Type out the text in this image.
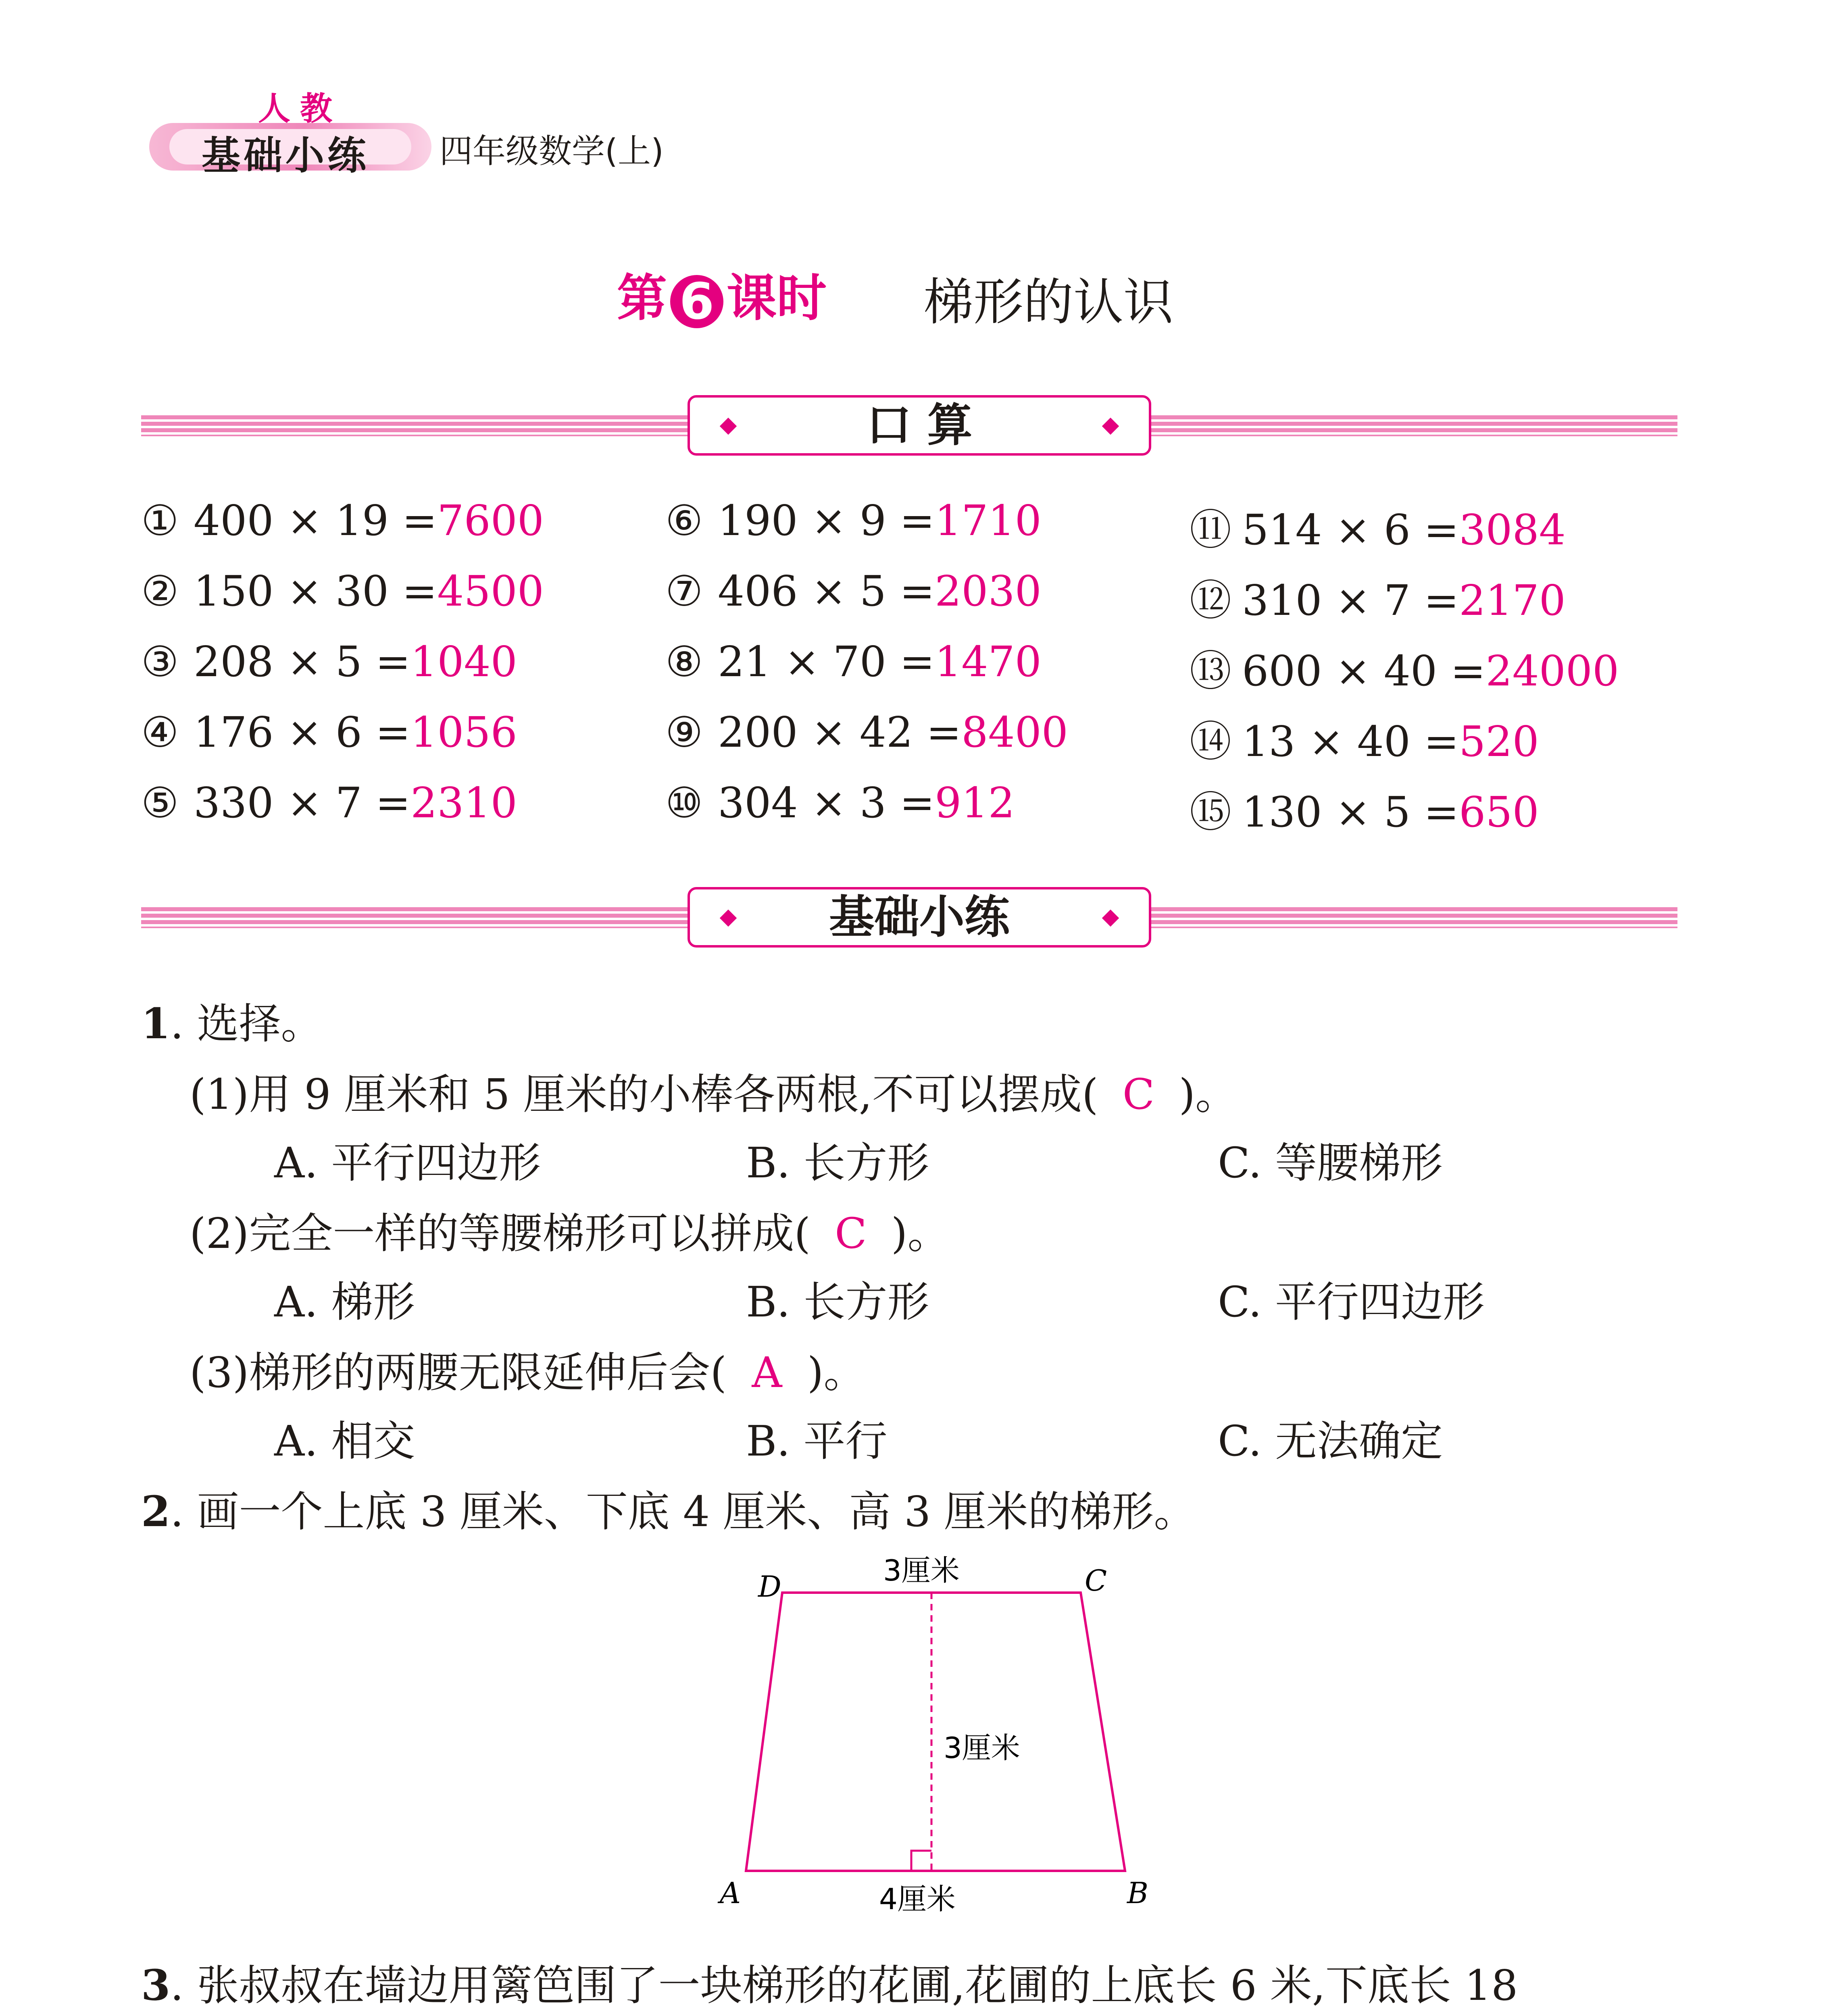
人教
基础小练 四年级数学(上)
第 6 课时 梯形的认识
口 算
① 400 × 19 =7600
② 150 × 30 =4500
③ 208 × 5 =1040
④ 176 × 6 =1056
⑤ 330 × 7 =2310
⑥ 190 × 9 =1710
⑦ 406 × 5 =2030
⑧ 21 × 70 =1470
⑨ 200 × 42 =8400
⑩ 304 × 3 =912
⑪ 514 × 6 =3084
⑫ 310 × 7 =2170
⑬ 600 × 40 =24000
⑭ 13 × 40 =520
⑮ 130 × 5 =650
基础小练
1. 选择。
(1)用 9 厘米和 5 厘米的小棒各两根,不可以摆成( C )。
A. 平行四边形	B. 长方形	C. 等腰梯形
(2)完全一样的等腰梯形可以拼成( C )。
A. 梯形	B. 长方形	C. 平行四边形
(3)梯形的两腰无限延伸后会( A )。
A. 相交	B. 平行	C. 无法确定
2. 画一个上底 3 厘米、下底 4 厘米、高 3 厘米的梯形。
D	C
A	B
3厘米
3厘米
4厘米
3. 张叔叔在墙边用篱笆围了一块梯形的花圃,花圃的上底长 6 米,下底长 18
